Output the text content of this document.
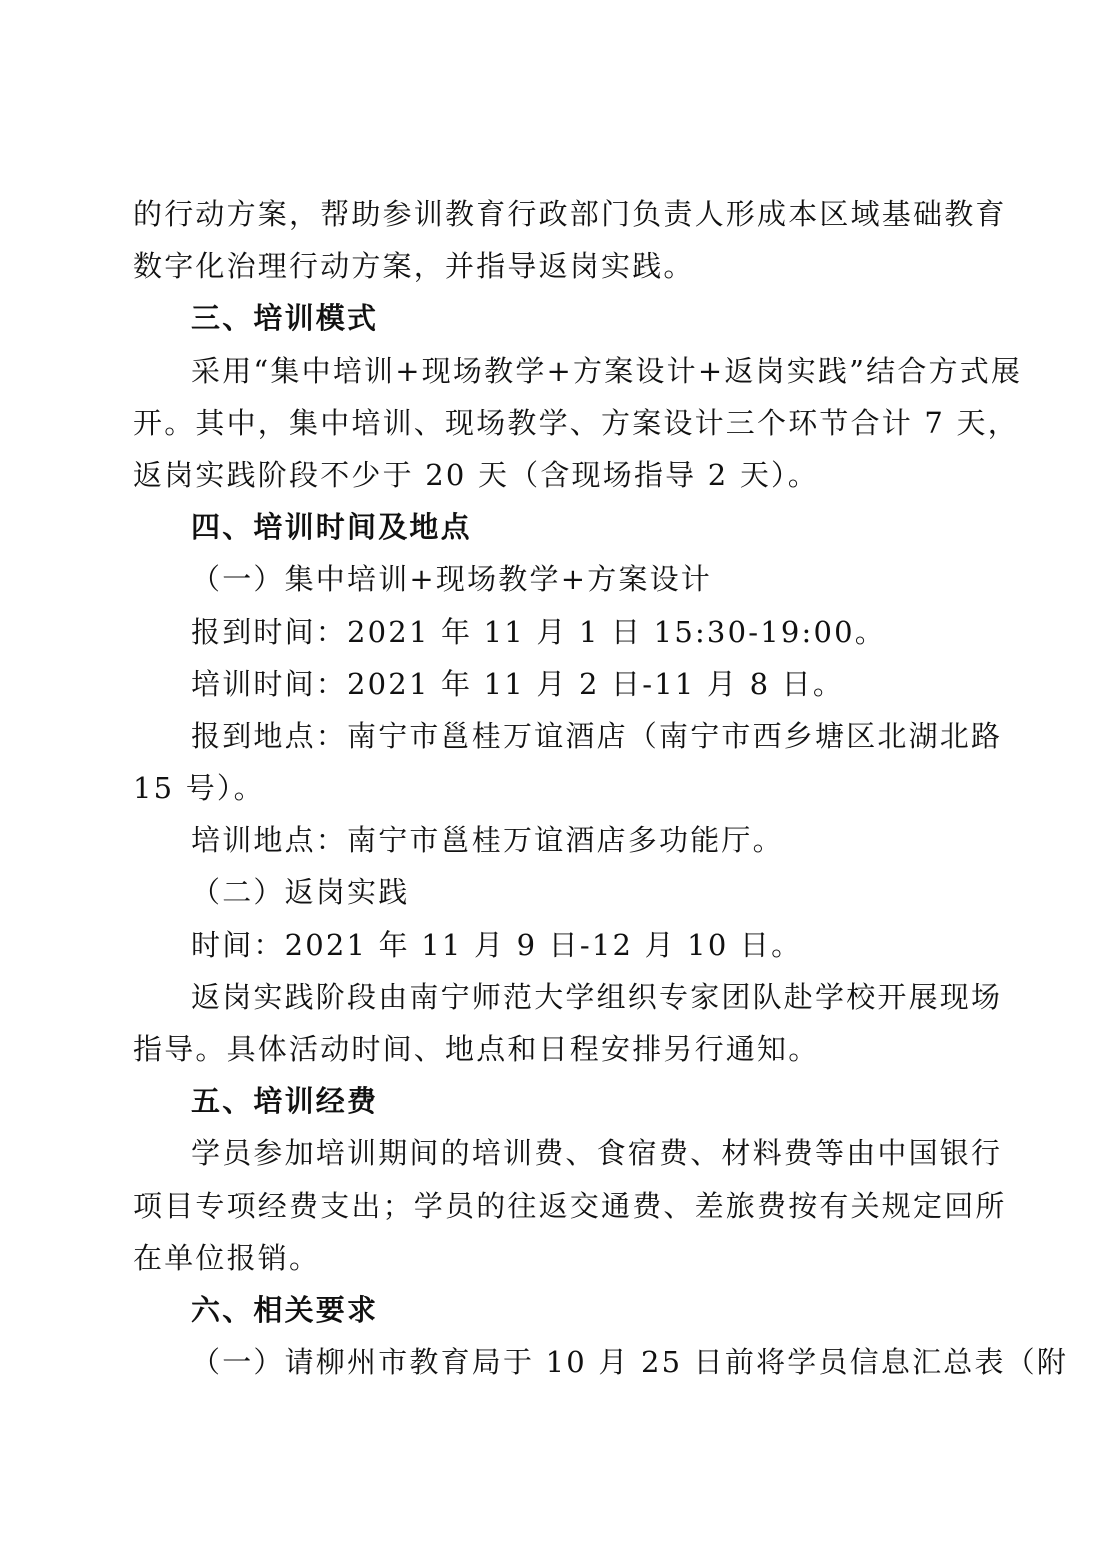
的行动方案，帮助参训教育行政部门负责人形成本区域基础教育
数字化治理行动方案，并指导返岗实践。
三、培训模式
采用“集中培训+现场教学+方案设计+返岗实践”结合方式展
开。其中，集中培训、现场教学、方案设计三个环节合计 7 天，
返岗实践阶段不少于 20 天（含现场指导 2 天）。
四、培训时间及地点
（一）集中培训+现场教学+方案设计
报到时间：2021 年 11 月 1 日 15:30-19:00。
培训时间：2021 年 11 月 2 日-11 月 8 日。
报到地点：南宁市邕桂万谊酒店（南宁市西乡塘区北湖北路
15 号）。
培训地点：南宁市邕桂万谊酒店多功能厅。
（二）返岗实践
时间：2021 年 11 月 9 日-12 月 10 日。
返岗实践阶段由南宁师范大学组织专家团队赴学校开展现场
指导。具体活动时间、地点和日程安排另行通知。
五、培训经费
学员参加培训期间的培训费、食宿费、材料费等由中国银行
项目专项经费支出；学员的往返交通费、差旅费按有关规定回所
在单位报销。
六、相关要求
（一）请柳州市教育局于 10 月 25 日前将学员信息汇总表（附
